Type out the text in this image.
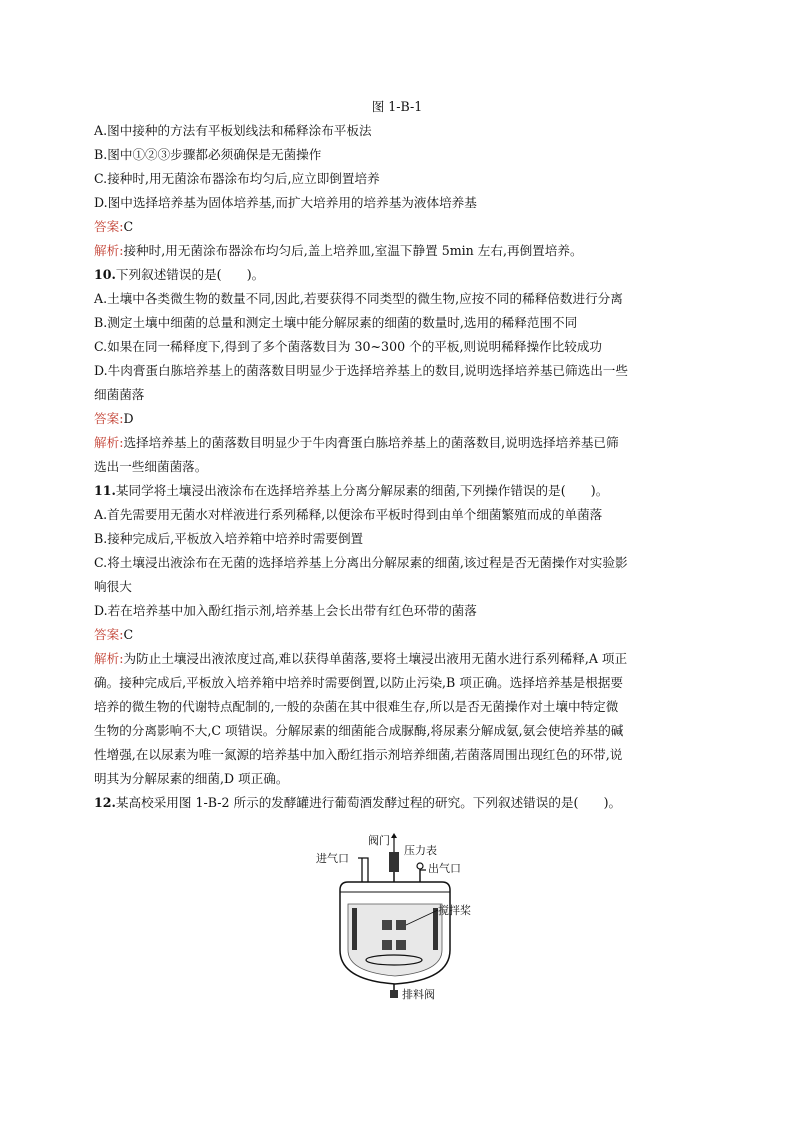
图 1-B-1
A.图中接种的方法有平板划线法和稀释涂布平板法
B.图中①②③步骤都必须确保是无菌操作
C.接种时,用无菌涂布器涂布均匀后,应立即倒置培养
D.图中选择培养基为固体培养基,而扩大培养用的培养基为液体培养基
答案:C
解析:接种时,用无菌涂布器涂布均匀后,盖上培养皿,室温下静置 5min 左右,再倒置培养。
10.下列叙述错误的是(　　)。
A.土壤中各类微生物的数量不同,因此,若要获得不同类型的微生物,应按不同的稀释倍数进行分离
B.测定土壤中细菌的总量和测定土壤中能分解尿素的细菌的数量时,选用的稀释范围不同
C.如果在同一稀释度下,得到了多个菌落数目为 30~300 个的平板,则说明稀释操作比较成功
D.牛肉膏蛋白胨培养基上的菌落数目明显少于选择培养基上的数目,说明选择培养基已筛选出一些
细菌菌落
答案:D
解析:选择培养基上的菌落数目明显少于牛肉膏蛋白胨培养基上的菌落数目,说明选择培养基已筛
选出一些细菌菌落。
11.某同学将土壤浸出液涂布在选择培养基上分离分解尿素的细菌,下列操作错误的是(　　)。
A.首先需要用无菌水对样液进行系列稀释,以便涂布平板时得到由单个细菌繁殖而成的单菌落
B.接种完成后,平板放入培养箱中培养时需要倒置
C.将土壤浸出液涂布在无菌的选择培养基上分离出分解尿素的细菌,该过程是否无菌操作对实验影
响很大
D.若在培养基中加入酚红指示剂,培养基上会长出带有红色环带的菌落
答案:C
解析:为防止土壤浸出液浓度过高,难以获得单菌落,要将土壤浸出液用无菌水进行系列稀释,A 项正
确。接种完成后,平板放入培养箱中培养时需要倒置,以防止污染,B 项正确。选择培养基是根据要
培养的微生物的代谢特点配制的,一般的杂菌在其中很难生存,所以是否无菌操作对土壤中特定微
生物的分离影响不大,C 项错误。分解尿素的细菌能合成脲酶,将尿素分解成氨,氨会使培养基的碱
性增强,在以尿素为唯一氮源的培养基中加入酚红指示剂培养细菌,若菌落周围出现红色的环带,说
明其为分解尿素的细菌,D 项正确。
12.某高校采用图 1-B-2 所示的发酵罐进行葡萄酒发酵过程的研究。下列叙述错误的是(　　)。
阀门
进气口
压力表
出气口
搅拌桨
排料阀
